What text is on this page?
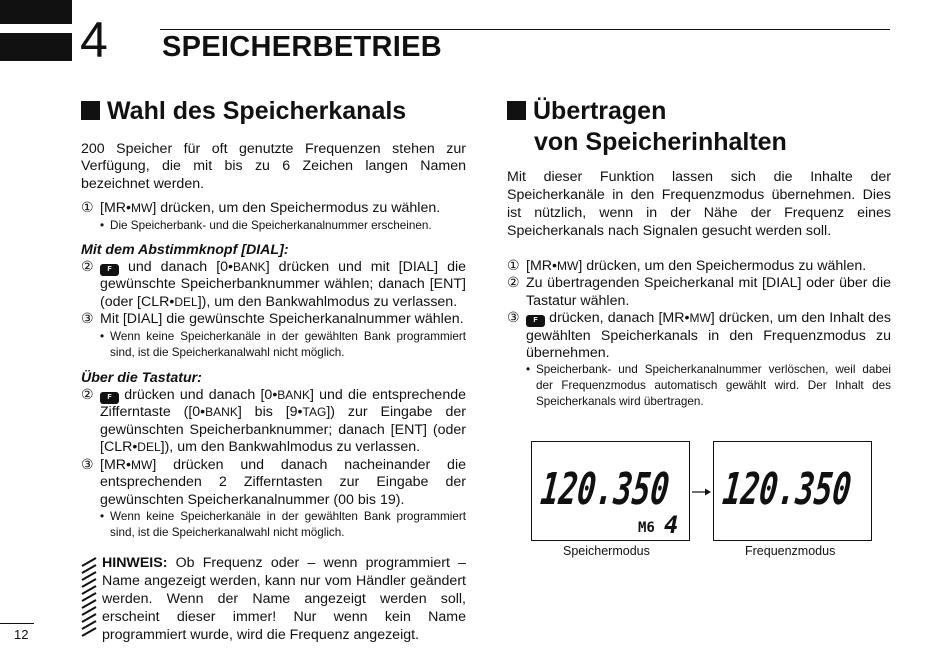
4 SPEICHERBETRIEB
Wahl des Speicherkanals

200 Speicher für oft genutzte Frequenzen stehen zur Verfügung, die mit bis zu 6 Zeichen langen Namen bezeichnet werden.

① [MR•MW] drücken, um den Speichermodus zu wählen.
• Die Speicherbank- und die Speicherkanalnummer erscheinen.
Mit dem Abstimmknopf [DIAL]:
②	F und danach [0•BANK] drücken und mit [DIAL] die gewünschte Speicherbanknummer wählen; danach [ENT] (oder [CLR•DEL]), um den Bankwahlmodus zu verlassen.
③ Mit [DIAL] die gewünschte Speicherkanalnummer wählen.
• Wenn keine Speicherkanäle in der gewählten Bank programmiert sind, ist die Speicherkanalwahl nicht möglich.
Über die Tastatur:
②	F drücken und danach [0•BANK] und die entsprechende Zifferntaste ([0•BANK] bis [9•TAG]) zur Eingabe der gewünschten Speicherbanknummer; danach [ENT] (oder [CLR•DEL]), um den Bankwahlmodus zu verlassen.
③ [MR•MW] drücken und danach nacheinander die entsprechenden 2 Zifferntasten zur Eingabe der gewünschten Speicherkanalnummer (00 bis 19).
• Wenn keine Speicherkanäle in der gewählten Bank programmiert sind, ist die Speicherkanalwahl nicht möglich.
HINWEIS: Ob Frequenz oder – wenn programmiert – Name angezeigt werden, kann nur vom Händler geändert werden. Wenn der Name angezeigt werden soll, erscheint dieser immer! Nur wenn kein Name programmiert wurde, wird die Frequenz angezeigt.
Übertragen
von Speicherinhalten

Mit dieser Funktion lassen sich die Inhalte der Speicherkanäle in den Frequenzmodus übernehmen. Dies ist nützlich, wenn in der Nähe der Frequenz eines Speicherkanals nach Signalen gesucht werden soll.

① [MR•MW] drücken, um den Speichermodus zu wählen.
② Zu übertragenden Speicherkanal mit [DIAL] oder über die Tastatur wählen.
③	F drücken, danach [MR•MW] drücken, um den Inhalt des gewählten Speicherkanals in den Frequenzmodus zu übernehmen.
• Speicherbank- und Speicherkanalnummer verlöschen, weil dabei der Frequenzmodus automatisch gewählt wird. Der Inhalt des Speicherkanals wird übertragen.
120.350
M6 4
120.350
Speichermodus	Frequenzmodus
12
